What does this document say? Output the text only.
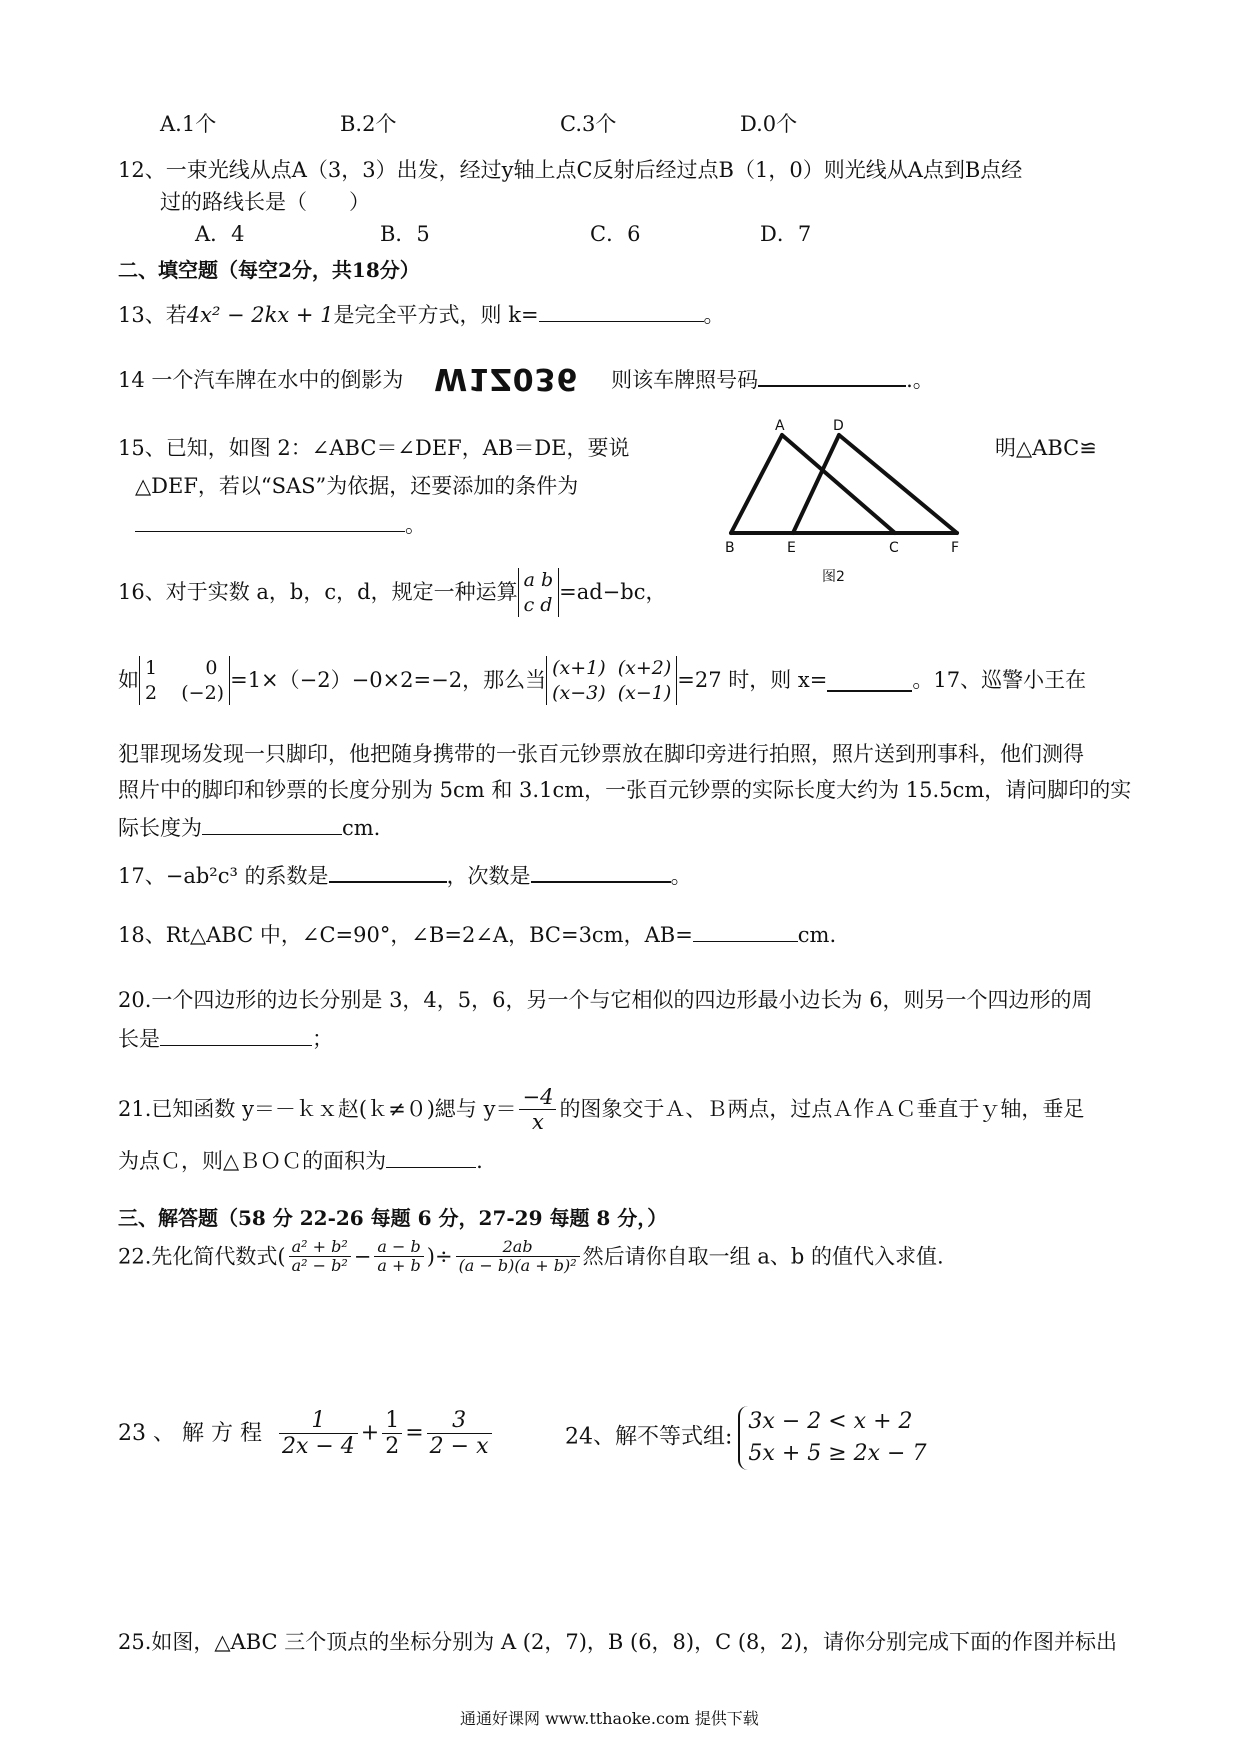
A.1个	B.2个	C.3个	D.0个
12、一束光线从点A（3，3）出发，经过y轴上点C反射后经过点B（1，0）则光线从A点到B点经
过的路线长是（　　）
A．4	B．5	C．6	D．7
二、填空题（每空2分，共18分）
13、若4x² − 2kx + 1是完全平方式，则 k=	。
14 一个汽车牌在水中的倒影为 W1Z036 则该车牌照号码	.。
15、已知，如图 2：∠ABC＝∠DEF，AB＝DE，要说	明△ABC≌
△DEF，若以“SAS”为依据，还要添加的条件为
。
A	D
B	E	C	F
图2
16、对于实数 a，b，c，d，规定一种运算
a b
c d
=ad−bc，
如
1        0
2    (−2)
=1×（−2）−0×2=−2，那么当
(x+1)  (x+2)
(x−3)  (x−1)
=27 时，则 x=	。17、巡警小王在
犯罪现场发现一只脚印，他把随身携带的一张百元钞票放在脚印旁进行拍照，照片送到刑事科，他们测得
照片中的脚印和钞票的长度分别为 5cm 和 3.1cm，一张百元钞票的实际长度大约为 15.5cm，请问脚印的实
际长度为	cm.
17、−ab²c³ 的系数是	，次数是	。
18、Rt△ABC 中，∠C=90°，∠B=2∠A，BC=3cm，AB=	cm.
20.一个四边形的边长分别是 3，4，5，6，另一个与它相似的四边形最小边长为 6，则另一个四边形的周
长是	；
21.已知函数 y＝－ｋｘ赵(ｋ≠０)緦与 $y= \frac{-4}{x}$ 的图象交于Ａ、Ｂ两点，过点Ａ作ＡＣ垂直于ｙ轴，垂足
为点Ｃ，则△ＢＯＣ的面积为	.
三、解答题（58 分 22-26 每题 6 分，27-29 每题 8 分，）
22.先化简代数式( $\frac{\text{a² + b²}}{\text{a² − b²}} - \frac{a - b}{a + b}$ )÷ $\frac{2ab}{\text{(a − b)(a + b)²}}$ 然后请你自取一组 a、b 的值代入求值.
23 、 解 方 程 $\frac{1}{2x - 4} + \frac{1}{2} = \frac{3}{2 - x}$	24、解不等式组:
3x − 2 < x + 2
5x + 5 ≥ 2x − 7
25.如图，△ABC 三个顶点的坐标分别为 A (2，7)，B (6，8)，C (8，2)，请你分别完成下面的作图并标出
通通好课网 www.tthaoke.com 提供下载
